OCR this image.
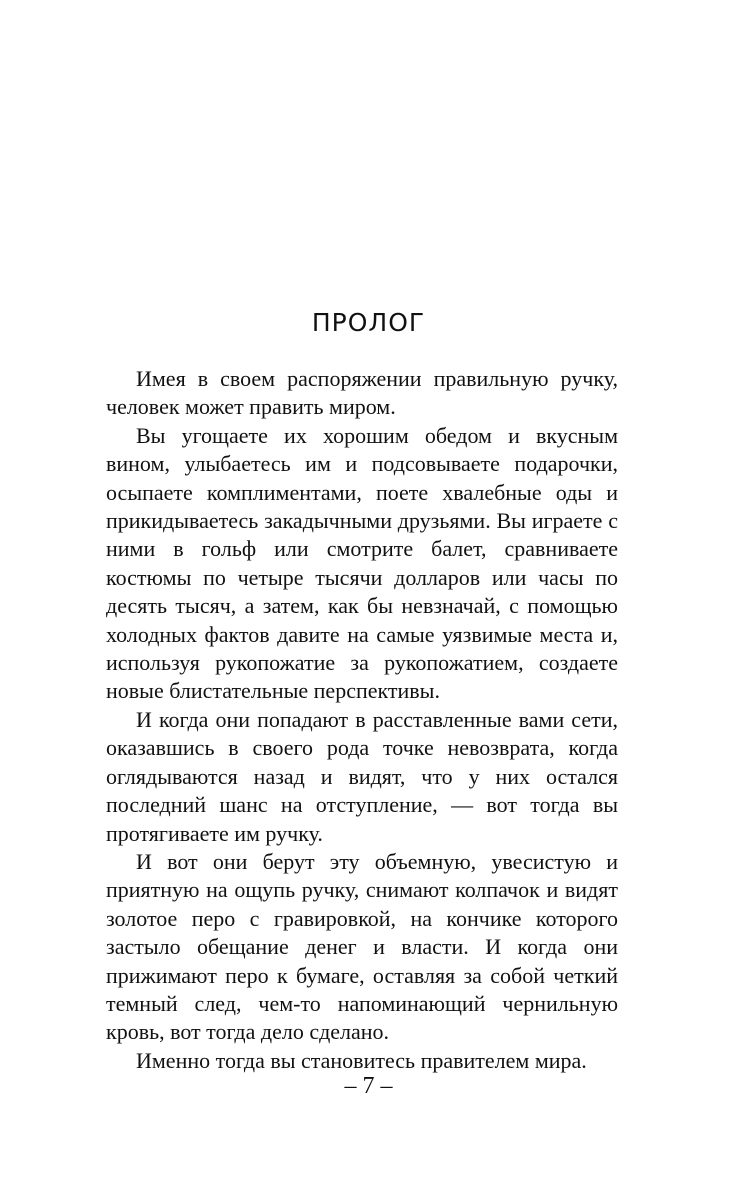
ПРОЛОГ

Имея в своем распоряжении правильную ручку, человек может править миром.

Вы угощаете их хорошим обедом и вкусным вином, улыбаетесь им и подсовываете подарочки, осыпаете комплиментами, поете хвалебные оды и прикидываетесь закадычными друзьями. Вы играете с ними в гольф или смотрите балет, сравниваете костюмы по четыре тысячи долларов или часы по десять тысяч, а затем, как бы невзначай, с помощью холодных фактов давите на самые уязвимые места и, используя рукопожатие за рукопожатием, создаете новые блистательные перспективы.

И когда они попадают в расставленные вами сети, оказавшись в своего рода точке невозврата, когда оглядываются назад и видят, что у них остался последний шанс на отступление, — вот тогда вы протягиваете им ручку.

И вот они берут эту объемную, увесистую и приятную на ощупь ручку, снимают колпачок и видят золотое перо с гравировкой, на кончике которого застыло обещание денег и власти. И когда они прижимают перо к бумаге, оставляя за собой четкий темный след, чем-то напоминающий чернильную кровь, вот тогда дело сделано.

Именно тогда вы становитесь правителем мира.

– 7 –
